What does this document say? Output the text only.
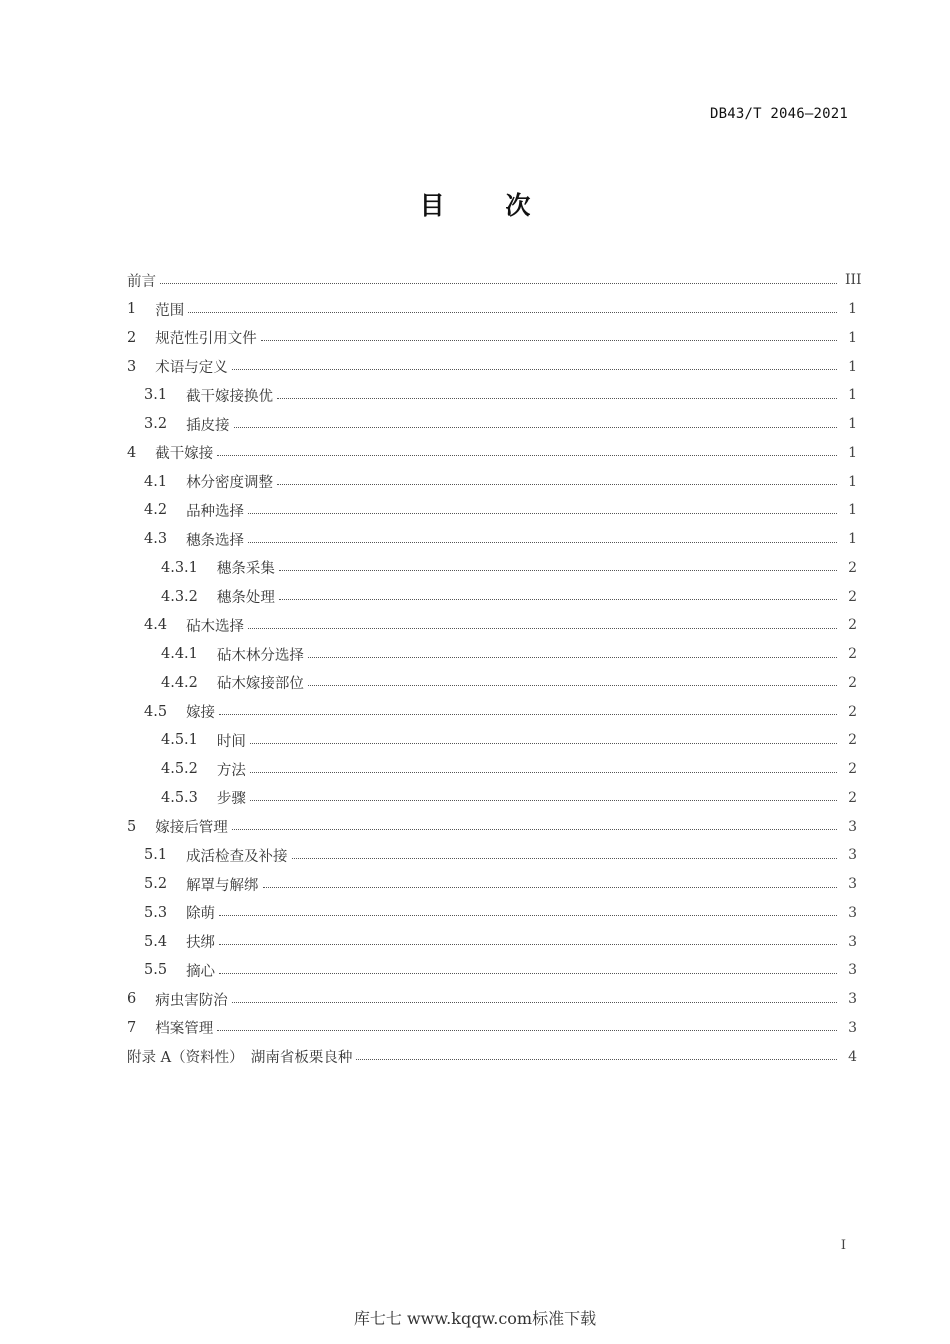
DB43/T 2046—2021
目 次
前言	III
1 范围	1
2 规范性引用文件	1
3 术语与定义	1
3.1 截干嫁接换优	1
3.2 插皮接	1
4 截干嫁接	1
4.1 林分密度调整	1
4.2 品种选择	1
4.3 穗条选择	1
4.3.1 穗条采集	2
4.3.2 穗条处理	2
4.4 砧木选择	2
4.4.1 砧木林分选择	2
4.4.2 砧木嫁接部位	2
4.5 嫁接	2
4.5.1 时间	2
4.5.2 方法	2
4.5.3 步骤	2
5 嫁接后管理	3
5.1 成活检查及补接	3
5.2 解罩与解绑	3
5.3 除萌	3
5.4 扶绑	3
5.5 摘心	3
6 病虫害防治	3
7 档案管理	3
附录 A（资料性）　湖南省板栗良种	4
I
库七七 www.kqqw.com标准下载
